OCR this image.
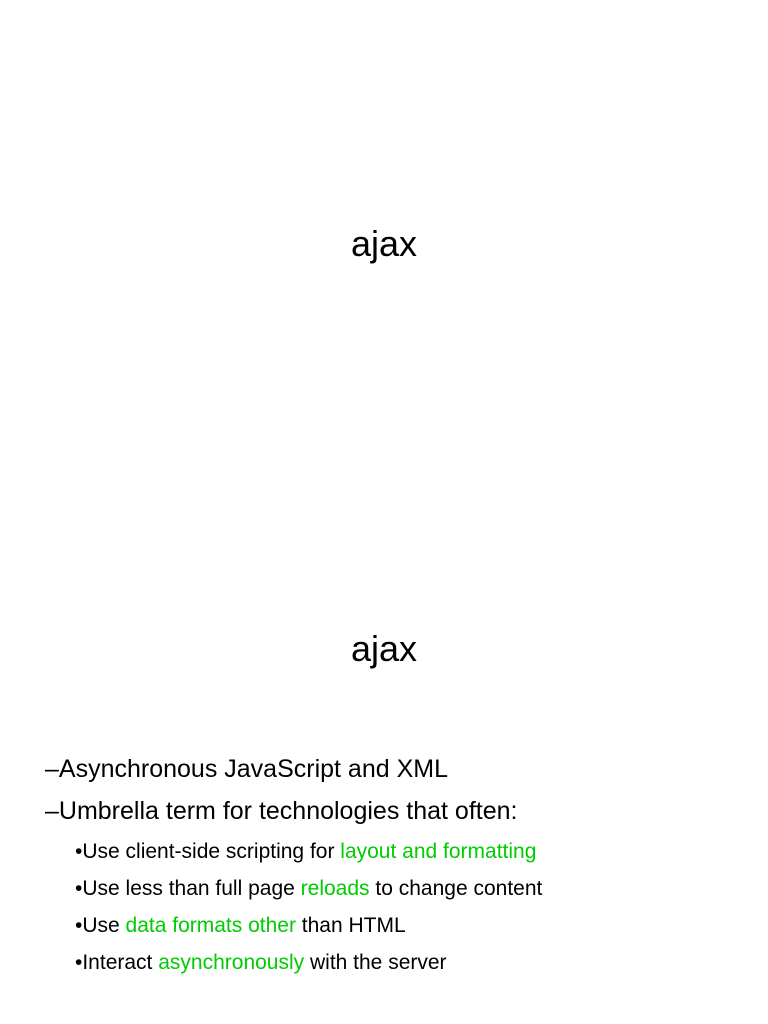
ajax
ajax
–Asynchronous JavaScript and XML
–Umbrella term for technologies that often:
•Use client-side scripting for layout and formatting
•Use less than full page reloads to change content
•Use data formats other than HTML
•Interact asynchronously with the server
